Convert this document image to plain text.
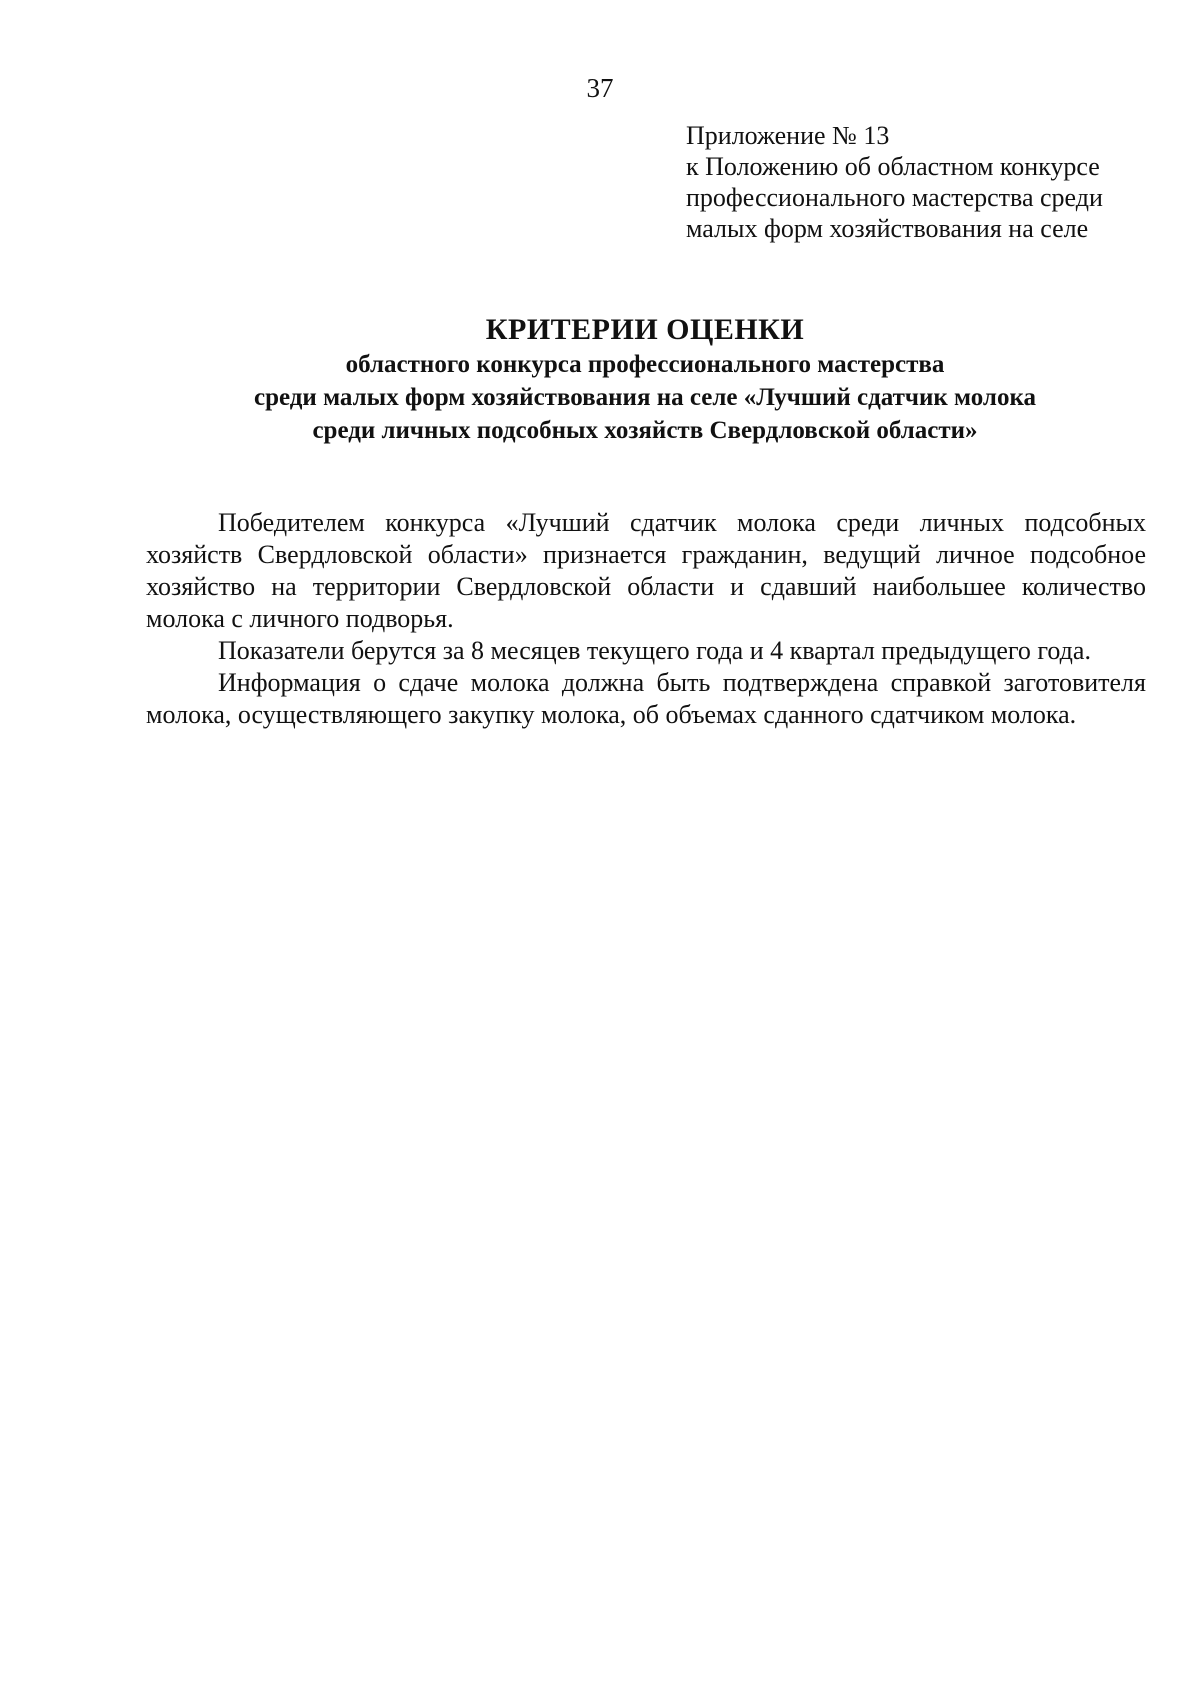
37
Приложение № 13
к Положению об областном конкурсе
профессионального мастерства среди
малых форм хозяйствования на селе
КРИТЕРИИ ОЦЕНКИ
областного конкурса профессионального мастерства
среди малых форм хозяйствования на селе «Лучший сдатчик молока
среди личных подсобных хозяйств Свердловской области»

Победителем конкурса «Лучший сдатчик молока среди личных подсобных хозяйств Свердловской области» признается гражданин, ведущий личное подсобное хозяйство на территории Свердловской области и сдавший наибольшее количество молока с личного подворья.

Показатели берутся за 8 месяцев текущего года и 4 квартал предыдущего года.

Информация о сдаче молока должна быть подтверждена справкой заготовителя молока, осуществляющего закупку молока, об объемах сданного сдатчиком молока.
